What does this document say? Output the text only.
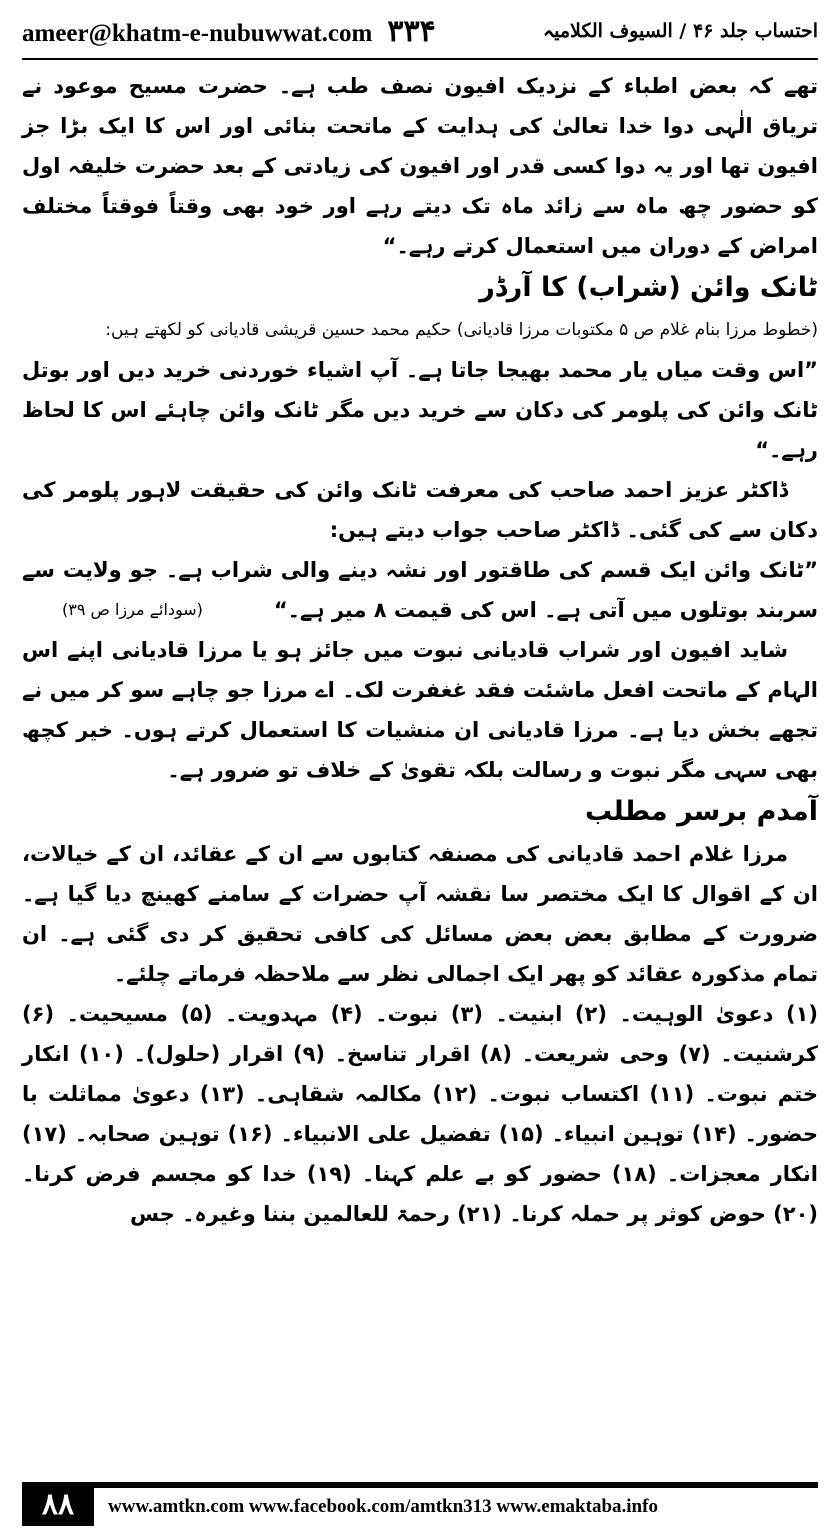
ameer@khatm-e-nubuwwat.com ۳۳۴	احتساب جلد ۴۶ / السیوف الکلامیہ

تھے کہ بعض اطباء کے نزدیک افیون نصف طب ہے۔ حضرت مسیح موعود نے تریاق الٰہی دوا خدا تعالیٰ کی ہدایت کے ماتحت بنائی اور اس کا ایک بڑا جز افیون تھا اور یہ دوا کسی قدر اور افیون کی زیادتی کے بعد حضرت خلیفہ اول کو حضور چھ ماہ سے زائد ماہ تک دیتے رہے اور خود بھی وقتاً فوقتاً مختلف امراض کے دوران میں استعمال کرتے رہے۔“

ٹانک وائن (شراب) کا آرڈر

(خطوط مرزا بنام غلام ص ۵ مکتوبات مرزا قادیانی) حکیم محمد حسین قریشی قادیانی کو لکھتے ہیں:

”اس وقت میاں یار محمد بھیجا جاتا ہے۔ آپ اشیاء خوردنی خرید دیں اور بوتل ٹانک وائن کی پلومر کی دکان سے خرید دیں مگر ٹانک وائن چاہئے اس کا لحاظ رہے۔“

ڈاکٹر عزیز احمد صاحب کی معرفت ٹانک وائن کی حقیقت لاہور پلومر کی دکان سے کی گئی۔ ڈاکٹر صاحب جواب دیتے ہیں:

”ٹانک وائن ایک قسم کی طاقتور اور نشہ دینے والی شراب ہے۔ جو ولایت سے سربند بوتلوں میں آتی ہے۔ اس کی قیمت ۸ میر ہے۔“
(سودائے مرزا ص ۳۹)

شاید افیون اور شراب قادیانی نبوت میں جائز ہو یا مرزا قادیانی اپنے اس الہام کے ماتحت افعل ماشئت فقد غغفرت لک۔ اے مرزا جو چاہے سو کر میں نے تجھے بخش دیا ہے۔ مرزا قادیانی ان منشیات کا استعمال کرتے ہوں۔ خیر کچھ بھی سہی مگر نبوت و رسالت بلکہ تقویٰ کے خلاف تو ضرور ہے۔

آمدم برسر مطلب

مرزا غلام احمد قادیانی کی مصنفہ کتابوں سے ان کے عقائد، ان کے خیالات، ان کے اقوال کا ایک مختصر سا نقشہ آپ حضرات کے سامنے کھینچ دیا گیا ہے۔ ضرورت کے مطابق بعض بعض مسائل کی کافی تحقیق کر دی گئی ہے۔ ان تمام مذکورہ عقائد کو پھر ایک اجمالی نظر سے ملاحظہ فرماتے چلئے۔

(۱) دعویٰ الوہیت۔ (۲) ابنیت۔ (۳) نبوت۔ (۴) مہدویت۔ (۵) مسیحیت۔ (۶) کرشنیت۔ (۷) وحی شریعت۔ (۸) اقرار تناسخ۔ (۹) اقرار (حلول)۔ (۱۰) انکار ختم نبوت۔ (۱۱) اکتساب نبوت۔ (۱۲) مکالمہ شقاہی۔ (۱۳) دعویٰ مماثلت با حضور۔ (۱۴) توہین انبیاء۔ (۱۵) تفضیل علی الانبیاء۔ (۱۶) توہین صحابہ۔ (۱۷) انکار معجزات۔ (۱۸) حضور کو بے علم کہنا۔ (۱۹) خدا کو مجسم فرض کرنا۔ (۲۰) حوض کوثر پر حملہ کرنا۔ (۲۱) رحمۃ للعالمین بننا وغیرہ۔ جس

۸۸	www.amtkn.com www.facebook.com/amtkn313 www.emaktaba.info
